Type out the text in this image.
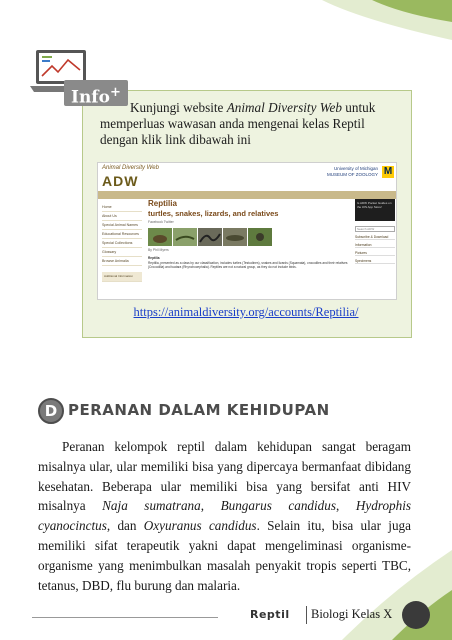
Info+
Kunjungi website Animal Diversity Web untuk memperluas wawasan anda mengenai kelas Reptil dengan klik link dibawah ini
Animal Diversity Web
ADW
University of Michigan
MUSEUM OF ZOOLOGY M
Home
About Us
Special Animal Names
Educational Resources
Special Collections
Glossary
Browse Animalia
Additional Information
Reptilia
turtles, snakes, lizards, and relatives
Facebook Twitter
By Phil Myers
Reptilia
Reptilia, presented as a class by our classification, includes turtles (Testudines), snakes and lizards (Squamata), crocodiles and their relatives (Crocodilia) and tuatara (Rhynchocephalia). Reptiles are not a natural group, as they do not include birds.
Is ADW Pocket Guides on the iOS App Store!
Search ADW
Subscribe & Download
Information
Pictures
Specimens
https://animaldiversity.org/accounts/Reptilia/
D PERANAN DALAM KEHIDUPAN

Peranan kelompok reptil dalam kehidupan sangat beragam misalnya ular, ular memiliki bisa yang dipercaya bermanfaat dibidang kesehatan. Beberapa ular memiliki bisa yang bersifat anti HIV misalnya Naja sumatrana, Bungarus candidus, Hydrophis cyanocinctus, dan Oxyuranus candidus. Selain itu, bisa ular juga memiliki sifat terapeutik yakni dapat mengeliminasi organisme-organisme yang menimbulkan masalah penyakit tropis seperti TBC, tetanus, DBD, flu burung dan malaria.

Reptil Biologi Kelas X
